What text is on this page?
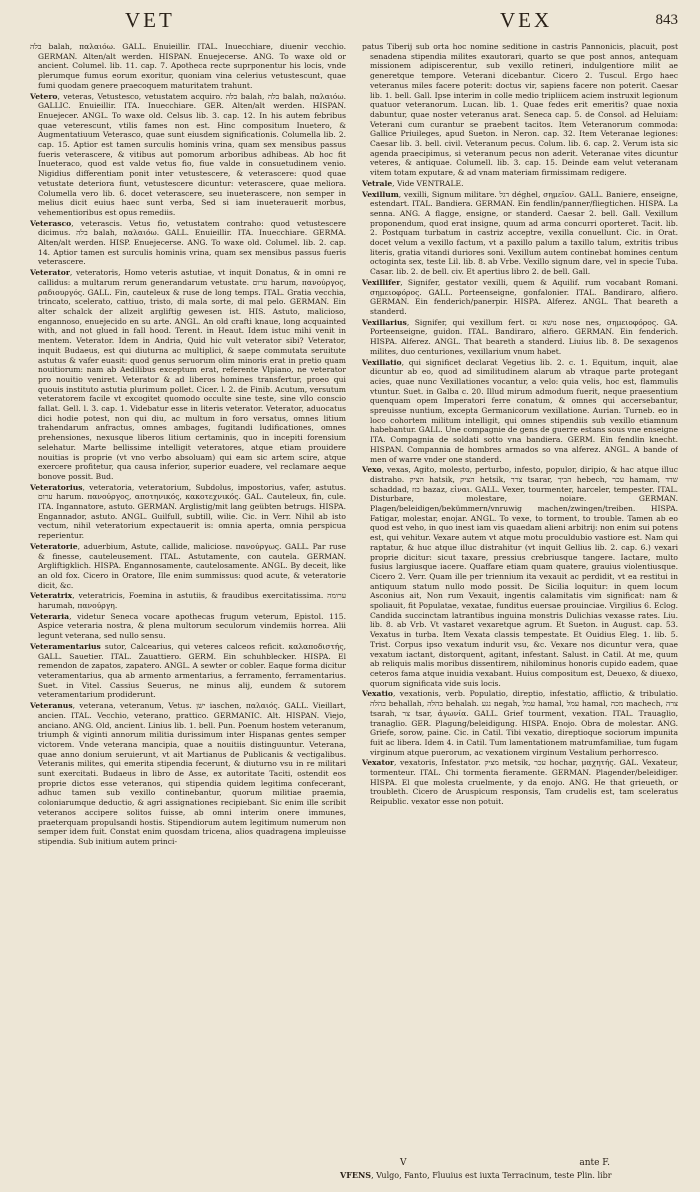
VET	VEX	843

בלה balah, παλαιόω. GALL. Enuieillir. ITAL. Inuecchiare, diuenir vecchio. GERMAN. Alten/alt werden. HISPAN. Enuejecerse. ANG. To waxe old or ancient. Columel. lib. 11. cap. 7. Apotheca recte suprponentur his locis, vnde plerumque fumus eorum exoritur, quoniam vina celerius vetustescunt, quae fumi quodam genere praecoquem maturitatem trahunt.

Vetero, veteras, Vetustesco, vetustatem acquiro. בלה balah, בלה balah, παλαιόω. GALLIC. Enuieillir. ITA. Inuecchiare. GER. Alten/alt werden. HISPAN. Enuejecer. ANGL. To waxe old. Celsus lib. 3. cap. 12. In his autem febribus quae veterescunt, vtilis fames non est. Hinc compositum Inuetero, & Augmentatiuum Veterasco, quae sunt eiusdem significationis. Columella lib. 2. cap. 15. Aptior est tamen surculis hominis vrina, quam sex mensibus passus fueris veterascere, & vitibus aut pomorum arboribus adhibeas. Ab hoc fit Inueteraco, quod est valde vetus fio, fiue valde in consuetudinem venio. Nigidius differentiam ponit inter vetustescere, & veterascere: quod quae vetustate deteriora fiunt, vetustescere dicuntur: veterascere, quae meliora. Columella vero lib. 6. docet veterascere, seu inueterascere, non semper in melius dicit euius haec sunt verba, Sed si iam inueterauerit morbus, vehementioribus est opus remediis.

Veterasco, veterascis. Vetus fio, vetustatem contraho: quod vetustescere dicimus. בלה balah, παλαιόω. GALL. Enuieillir. ITA. Inuecchiare. GERMA. Alten/alt werden. HISP. Enuejecerse. ANG. To waxe old. Columel. lib. 2. cap. 14. Aptior tamen est surculis hominis vrina, quam sex mensibus passus fueris veterascere.

Veterator, veteratoris, Homo veteris astutiae, vt inquit Donatus, & in omni re callidus: a multarum rerum generandarum vetustate. ערום harum, πανούργος, ραδιουργός. GALL. Fin, cauteleux & ruse de long temps. ITAL. Gratia vecchia, trincato, scelerato, cattiuo, tristo, di mala sorte, di mal pelo. GERMAN. Ein alter schalck der allzeit argliftig gewesen ist. HIS. Astuto, malicioso, engannoso, enuejecido en su arte. ANGL. An old crafti knaue, long acquainted with, and not glued in fall hood. Terent. in Heaut. Idem istuc mihi venit in mentem. Veterator. Idem in Andria, Quid hic vult veterator sibi? Veterator, inquit Budaeus, est qui diuturna ac multiplici, & saepe commutata seruitute astutus & vafer euasit: quod genus seruorum olim minoris erat in pretio quam nouitiorum: nam ab Aedilibus exceptum erat, referente Vlpiano, ne veterator pro nouitio veniret. Veterator & ad liberos homines transfertur, proeo qui quouis instituto astutia plurimum pollet. Cicer. l. 2. de Finib. Acutum, versutum veteratorem facile vt excogitet quomodo occulte sine teste, sine vllo conscio fallat. Gell. l. 3. cap. 1. Videbatur esse in literis veterator. Veterator, aduocatus dici hodie potest, non qui diu, ac multum in foro versatus, omnes litium trahendarum anfractus, omnes ambages, fugitandi ludificationes, omnes prehensiones, nexusque liberos litium certaminis, quo in incepiti forensium selehatur. Marte bellissime intelligit veteratores, atque etiam prouidere nouitias is proprie (vt vno verbo absoluam) qui eam sic artem scire, atque exercere profitetur, qua causa inferior, superior euadere, vel reclamare aeque bonove possit. Bud.

Veteratorius, veteratoria, veteratorium, Subdolus, impostorius, vafer, astutus. ערום harum. πανούργος, αποτηνικός, κακοτεχνικός. GAL. Cauteleux, fin, cule. ITA. Ingannatore, astuto. GERMAN. Arglistig/mit lang geübten betrugs. HISPA. Engannador, astuto. ANGL. Guilfull, subtill, wilie. Cic. in Verr. Nihil ab isto vectum, nihil veteratorium expectauerit is: omnia aperta, omnia perspicua reperientur.

Veteratorie, aduerbium, Astute, callide, maliciose. πανούργως. GALL. Par ruse & finesse, cauteleusement. ITAL. Astutamente, con cautela. GERMAN. Argliftigklich. HISPA. Engannosamente, cautelosamente. ANGL. By deceit, like an old fox. Cicero in Oratore, Ille enim summissus: quod acute, & veteratorie dicit, &c.

Veteratrix, veteratricis, Foemina in astutiis, & fraudibus exercitatissima. ערומה harumah, πανούργη.

Veteraria, videtur Seneca vocare apothecas frugum veterum, Epistol. 115. Aspice veteraria nostra, & plena multorum seculorum vindemiis horrea. Alii legunt veterana, sed nullo sensu.

Veteramentarius sutor, Calcearius, qui veteres calceos reficit. καλαποδιστής, GALL. Sauetier. ITAL. Zauattiero. GERM. Ein schuhblecker. HISPA. El remendon de zapatos, zapatero. ANGL. A sewter or cobler. Eaque forma dicitur veteramentarius, qua ab armento armentarius, a ferramento, ferramentarius. Suet. in Vitel. Cassius Seuerus, ne minus alij, eundem & sutorem veteramentarium prodiderunt.

Veteranus, veterana, veteranum, Vetus. ישן iaschen, παλαιός. GALL. Vieillart, ancien. ITAL. Vecchio, veterano, prattico. GERMANIC. Alt. HISPAN. Viejo, anciano. ANG. Old, ancient. Linius lib. 1. bell. Pun. Poenum hostem veteranum, triumph & viginti annorum militia durissimum inter Hispanas gentes semper victorem. Vnde veterana mancipia, quae a nouitiis distinguuntur. Veterana, quae anno donium seruierunt, vt ait Martianus de Publicanis & vectigalibus. Veteranis milites, qui emerita stipendia fecerunt, & diuturno vsu in re militari sunt exercitati. Budaeus in libro de Asse, ex autoritate Taciti, ostendit eos proprie dictos esse veteranos, qui stipendia quidem legitima confecerant, adhuc tamen sub vexillo continebantur, quorum militiae praemia, coloniarumque deductio, & agri assignationes recipiebant. Sic enim ille scribit veteranos accipere solitos fuisse, ab omni interim onere immunes, praeterquam propulsandi hostis. Stipendiorum autem legitimum numerum non semper idem fuit. Constat enim quosdam tricena, alios quadragena impleuisse stipendia. Sub initium autem princi-

patus Tiberij sub orta hoc nomine seditione in castris Pannonicis, placuit, post senadena stipendia milites exautorari, quarto se que post annos, antequam missionem adipiscerentur, sub vexillo retineri, indulgentiore milit ae generetque tempore. Veterani dicebantur. Cicero 2. Tuscul. Ergo haec veteranus miles facere poterit: doctus vir, sapiens facere non poterit. Caesar lib. 1. bell. Gall. Ipse interim in colle medio tripliicem aciem instruxit legionum quatuor veteranorum. Lucan. lib. 1. Quae fedes erit emeritis? quae noxia dabuntur, quae noster veteranus arat. Seneca cap. 5. de Consol. ad Heluiam: Veterani cum curantur se praebent tacitos. Item Veteranorum commoda: Gallice Priuileges, apud Sueton. in Neron. cap. 32. Item Veteranae legiones: Caesar lib. 3. bell. civil. Veteranum pecus. Colum. lib. 6. cap. 2. Verum ista sic agenda praecipimus, si veteranum pecus non aderit. Veteranae vites dicuntur veteres, & antiquae. Columell. lib. 3. cap. 15. Deinde eam velut veteranam vitem totam exputare, & ad vnam materiam firmissimam redigere.

Vetrale, Vide VENTRALE.

Vexillum, vexilli, Signum militare. דגל déghel, σημεῖον. GALL. Baniere, enseigne, estendart. ITAL. Bandiera. GERMAN. Ein fendlin/panner/fliegtichen. HISPA. La senna. ANG. A flagge, ensigne, or standerd. Caesar 2. bell. Gall. Vexillum proponendum, quod erat insigne, quum ad arma concurri oporteret. Tacit. lib. 2. Postquam turbatum in castriz acceptre, vexilla conuellunt. Cic. in Orat. docet velum a vexillo factum, vt a paxillo palum a taxillo talum, extritis tribus literis, gratia vitandi duriores soni. Vexillum autem continebat homines centum octoginta sex, teste Lil. lib. 8. ab Vrbe. Vexillo signum dare, vel in specie Tuba. Casar. lib. 2. de bell. civ. Et apertius libro 2. de bell. Gall.

Vexillifer, Signifer, gestator vexilli, quem & Aquilif. rum vocabant Romani. σημειοφόρος. GALL. Porteenseigne, gonfalonier. ITAL. Bandiraro, alfiero. GERMAN. Ein fenderich/panerpir. HISPA. Alferez. ANGL. That beareth a standerd.

Vexillarius, Signifer, qui vexillum fert. נושא נס nose nes, σημειοφόρος. GA. Porteenseigne, guidon. ITAL. Bandiraro, alfiero. GERMAN. Ein fenderich. HISPA. Alferez. ANGL. That beareth a standerd. Liuius lib. 8. De sexagenos milites, duo centuriones, vexillarium vnum habet.

Vexillatio, qui significet declarat Vegetius lib. 2. c. 1. Equitum, inquit, alae dicuntur ab eo, quod ad similitudinem alarum ab vtraque parte protegant acies, quae nunc Vexillationes vocantur, a velo: quia velis, hoc est, flammulis vtuntur. Suet. in Galba c. 20. Illud mirum admodum fuerit, neque praesentium quenquam opem Imperatori ferre conatum, & omnes qui accersebantur, spreuisse nuntium, excepta Germanicorum vexillatione. Aurian. Turneb. eo in loco cohortem militum intelligit, qui omnes stipendiis sub vexillo etiamnum habebantur. GALL. Une compagnie de gens de guerre estans sous vne enseigne ITA. Compagnia de soldati sotto vna bandiera. GERM. Ein fendlin knecht. HISPAN. Compannia de hombres armados so vna alferez. ANGL. A bande of men of warre vnder one standerd.

Vexo, vexas, Agito, molesto, perturbo, infesto, populor, diripio, & hac atque illuc distraho. הציק hatsik, הציק hetsik, צרר tsarar, הביך hebech, עכר hamam, שדד schaddad, בזז bazaz, εἰναι. GALL. Vexer, tourmenter, harceler, tempester. ITAL. Disturbare, molestare, noiare. GERMAN. Plagen/beleidigen/bekümmern/vnruwig machen/zwingen/treiben. HISPA. Fatigar, molestar, enojar. ANGL. To vexe, to torment, to trouble. Tamen ab eo quod est veho, in quo inest iam vis quaedam alieni arbitrij: non enim sui potens est, qui vehitur. Vexare autem vt atque motu proculdubio vastiore est. Nam qui raptatur, & huc atque illuc distrahitur (vt inquit Gellius lib. 2. cap. 6.) vexari proprie dicitur: sicut taxare, pressius crebriusque tangere. Iactare, multo fusius largiusque iacere. Quaffare etiam quam quatere, grauius violentiusque. Cicero 2. Verr. Quam ille per triennium ita vexauit ac perdidit, vt ea restitui in antiquum statum nullo modo possit. De Sicilia loquitur: in quem locum Asconius ait, Non rum Vexauit, ingentis calamitatis vim significat: nam & spoliauit, fit Populatae, vexatae, funditus euersae prouinciae. Virgilius 6. Eclog. Candida succinctam latrantibus inguina monstris Dulichias vexasse rates. Liu. lib. 8. ab Vrb. Vt vastaret vexaretque agrum. Et Sueton. in August. cap. 53. Vexatus in turba. Item Vexata classis tempestate. Et Ouidius Eleg. 1. lib. 5. Trist. Corpus ipso vexatum indurit vsu, &c. Vexare nos dicuntur vera, quae vexatum iactant, distorquent, agitant, infestant. Salust. in Catil. At me, quum ab reliquis malis moribus dissentirem, nihilominus honoris cupido eadem, quae ceteros fama atque inuidia vexabant. Huius compositum est, Deuexo, & diuexo, quorum significata vide suis locis.

Vexatio, vexationis, verb. Populatio, direptio, infestatio, afflictio, & tribulatio. בהלה behallah, בהלה behalah. נגע negah, עמל hamal, עמל hamal, מכה machech, צרה tsarah, צר tsar, ἀγωνία. GALL. Grief tourment, vexation. ITAL. Trauaglio, tranaglio. GER. Plagung/beleidigung. HISPA. Enojo. Obra de molestar. ANG. Griefe, sorow, paine. Cic. in Catil. Tibi vexatio, direptioque sociorum impunita fuit ac libera. Idem 4. in Catil. Tum lamentationem matrumfamiliae, tum fugam virginum atque puerorum, ac vexationem virginum Vestalium perhorresco.

Vexator, vexatoris, Infestator. מציק metsik, עכר hochar, μαχητής. GAL. Vexateur, tormenteur. ITAL. Chi tormenta fieramente. GERMAN. Plagender/beleidiger. HISPA. El que molesta cruelmente, y da enojo. ANG. He that grieueth, or troubleth. Cicero de Aruspicum responsis, Tam crudelis est, tam sceleratus Reipublic. vexator esse non potuit.

V	ante F.
VFENS, Vulgo, Fanto, Fluuius est iuxta Terracinum, teste Plin. libr
